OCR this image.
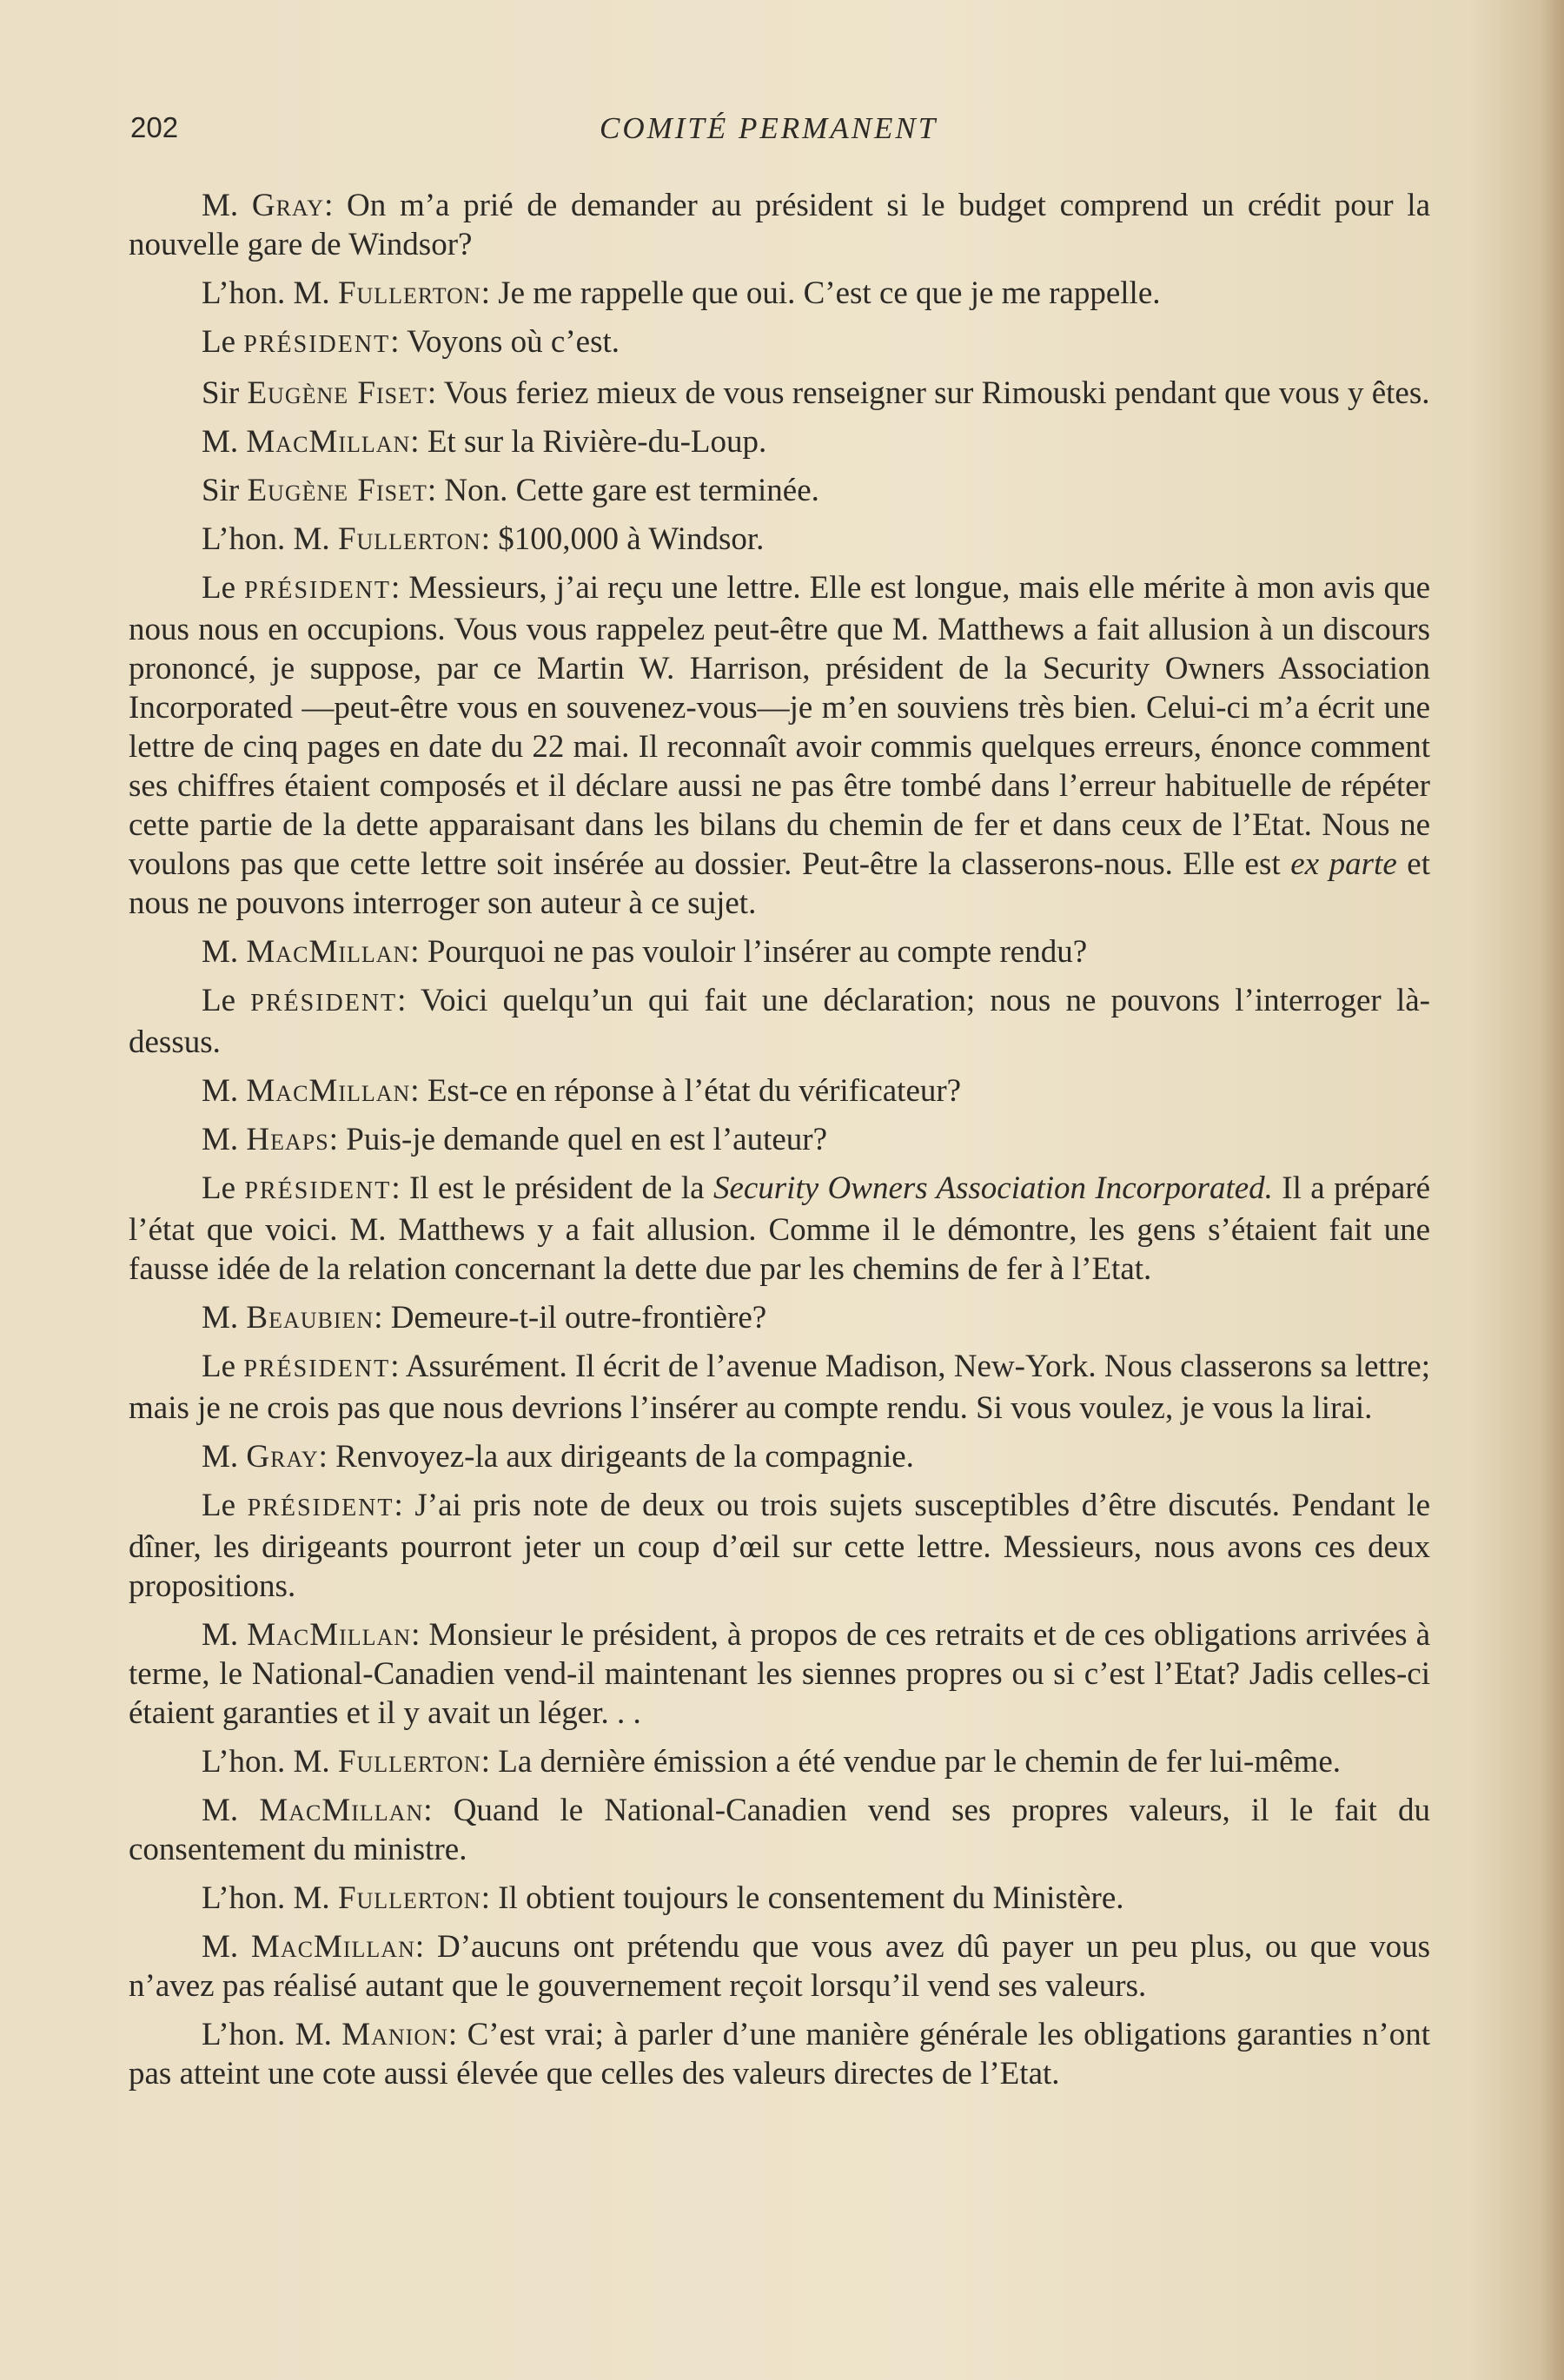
202	COMITÉ PERMANENT

M. Gray: On m’a prié de demander au président si le budget comprend un crédit pour la nouvelle gare de Windsor?

L’hon. M. Fullerton: Je me rappelle que oui. C’est ce que je me rappelle.

Le PRÉSIDENT: Voyons où c’est.

Sir Eugène Fiset: Vous feriez mieux de vous renseigner sur Rimouski pendant que vous y êtes.

M. MacMillan: Et sur la Rivière-du-Loup.

Sir Eugène Fiset: Non. Cette gare est terminée.

L’hon. M. Fullerton: $100,000 à Windsor.

Le PRÉSIDENT: Messieurs, j’ai reçu une lettre. Elle est longue, mais elle mérite à mon avis que nous nous en occupions. Vous vous rappelez peut-être que M. Matthews a fait allusion à un discours prononcé, je suppose, par ce Martin W. Harrison, président de la Security Owners Association Incorporated —peut-être vous en souvenez-vous—je m’en souviens très bien. Celui-ci m’a écrit une lettre de cinq pages en date du 22 mai. Il reconnaît avoir commis quelques erreurs, énonce comment ses chiffres étaient composés et il déclare aussi ne pas être tombé dans l’erreur habituelle de répéter cette partie de la dette apparaisant dans les bilans du chemin de fer et dans ceux de l’Etat. Nous ne voulons pas que cette lettre soit insérée au dossier. Peut-être la classerons-nous. Elle est ex parte et nous ne pouvons interroger son auteur à ce sujet.

M. MacMillan: Pourquoi ne pas vouloir l’insérer au compte rendu?

Le PRÉSIDENT: Voici quelqu’un qui fait une déclaration; nous ne pouvons l’interroger là-dessus.

M. MacMillan: Est-ce en réponse à l’état du vérificateur?

M. Heaps: Puis-je demande quel en est l’auteur?

Le PRÉSIDENT: Il est le président de la Security Owners Association Incorporated. Il a préparé l’état que voici. M. Matthews y a fait allusion. Comme il le démontre, les gens s’étaient fait une fausse idée de la relation concernant la dette due par les chemins de fer à l’Etat.

M. Beaubien: Demeure-t-il outre-frontière?

Le PRÉSIDENT: Assurément. Il écrit de l’avenue Madison, New-York. Nous classerons sa lettre; mais je ne crois pas que nous devrions l’insérer au compte rendu. Si vous voulez, je vous la lirai.

M. Gray: Renvoyez-la aux dirigeants de la compagnie.

Le PRÉSIDENT: J’ai pris note de deux ou trois sujets susceptibles d’être discutés. Pendant le dîner, les dirigeants pourront jeter un coup d’œil sur cette lettre. Messieurs, nous avons ces deux propositions.

M. MacMillan: Monsieur le président, à propos de ces retraits et de ces obligations arrivées à terme, le National-Canadien vend-il maintenant les siennes propres ou si c’est l’Etat? Jadis celles-ci étaient garanties et il y avait un léger. . .

L’hon. M. Fullerton: La dernière émission a été vendue par le chemin de fer lui-même.

M. MacMillan: Quand le National-Canadien vend ses propres valeurs, il le fait du consentement du ministre.

L’hon. M. Fullerton: Il obtient toujours le consentement du Ministère.

M. MacMillan: D’aucuns ont prétendu que vous avez dû payer un peu plus, ou que vous n’avez pas réalisé autant que le gouvernement reçoit lorsqu’il vend ses valeurs.

L’hon. M. Manion: C’est vrai; à parler d’une manière générale les obligations garanties n’ont pas atteint une cote aussi élevée que celles des valeurs directes de l’Etat.
